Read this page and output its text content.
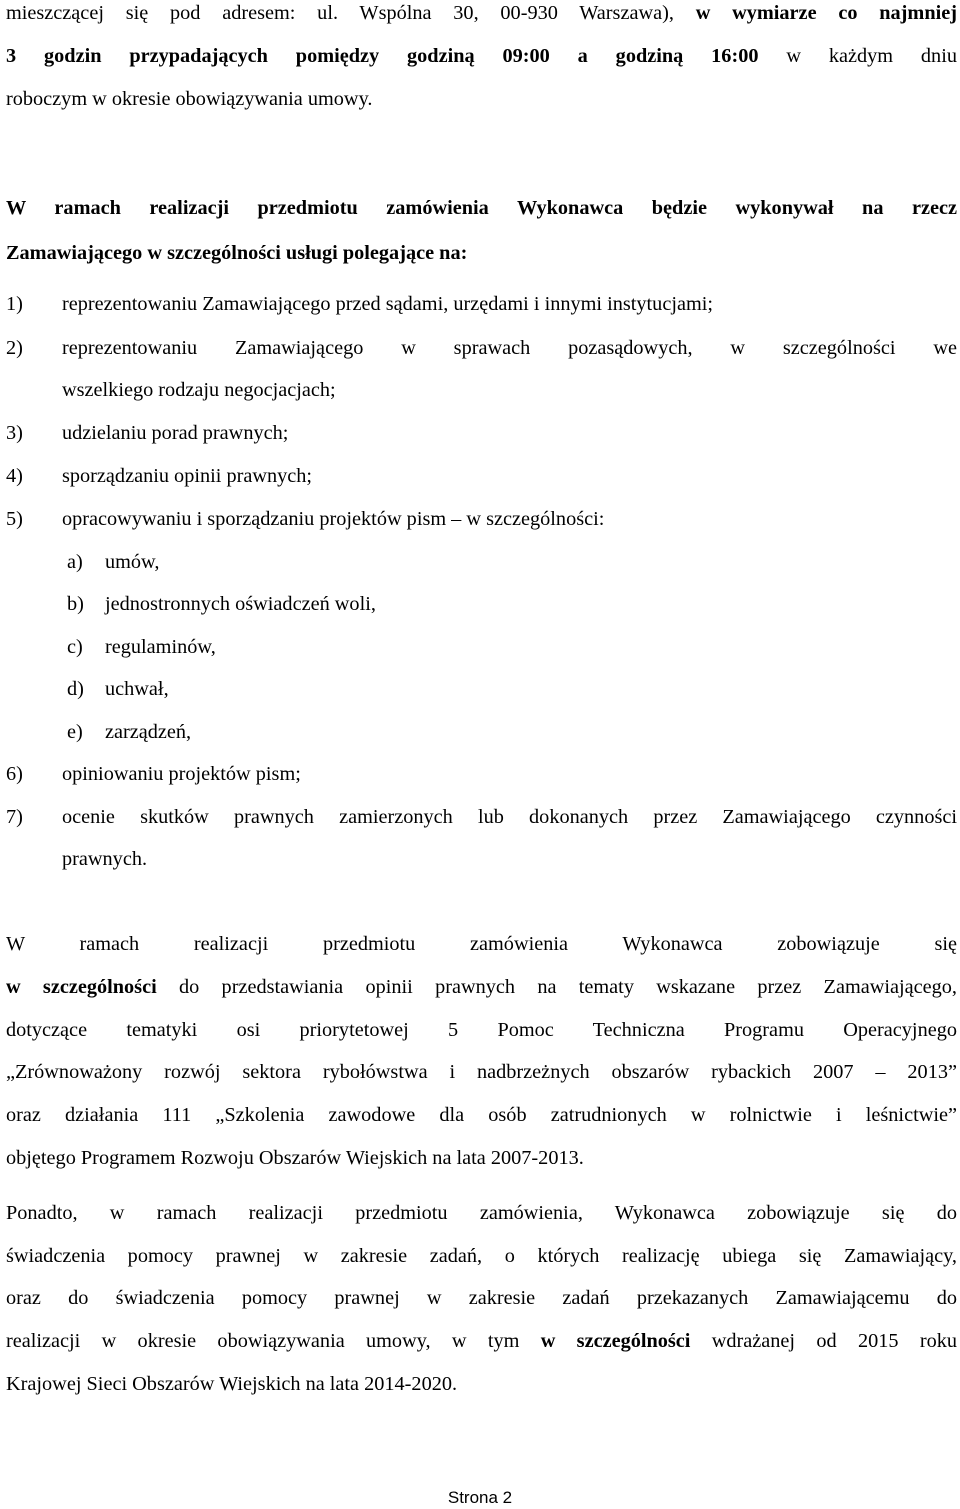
mieszczącej się pod adresem: ul. Wspólna 30, 00-930 Warszawa), w wymiarze co najmniej
3 godzin przypadających pomiędzy godziną 09:00 a godziną 16:00 w każdym dniu
roboczym w okresie obowiązywania umowy.
W ramach realizacji przedmiotu zamówienia Wykonawca będzie wykonywał na rzecz
Zamawiającego w szczególności usługi polegające na:
1)	reprezentowaniu Zamawiającego przed sądami, urzędami i innymi instytucjami;
2)	reprezentowaniu Zamawiającego w sprawach pozasądowych, w szczególności we
wszelkiego rodzaju negocjacjach;
3)	udzielaniu porad prawnych;
4)	sporządzaniu opinii prawnych;
5)	opracowywaniu i sporządzaniu projektów pism – w szczególności:
a)	umów,
b)	jednostronnych oświadczeń woli,
c)	regulaminów,
d)	uchwał,
e)	zarządzeń,
6)	opiniowaniu projektów pism;
7)	ocenie skutków prawnych zamierzonych lub dokonanych przez Zamawiającego czynności
prawnych.
W ramach realizacji przedmiotu zamówienia Wykonawca zobowiązuje się
w szczególności do przedstawiania opinii prawnych na tematy wskazane przez Zamawiającego,
dotyczące tematyki osi priorytetowej 5 Pomoc Techniczna Programu Operacyjnego
„Zrównoważony rozwój sektora rybołówstwa i nadbrzeżnych obszarów rybackich 2007 – 2013”
oraz działania 111 „Szkolenia zawodowe dla osób zatrudnionych w rolnictwie i leśnictwie”
objętego Programem Rozwoju Obszarów Wiejskich na lata 2007-2013.
Ponadto, w ramach realizacji przedmiotu zamówienia, Wykonawca zobowiązuje się do
świadczenia pomocy prawnej w zakresie zadań, o których realizację ubiega się Zamawiający,
oraz do świadczenia pomocy prawnej w zakresie zadań przekazanych Zamawiającemu do
realizacji w okresie obowiązywania umowy, w tym w szczególności wdrażanej od 2015 roku
Krajowej Sieci Obszarów Wiejskich na lata 2014-2020.
Strona 2
